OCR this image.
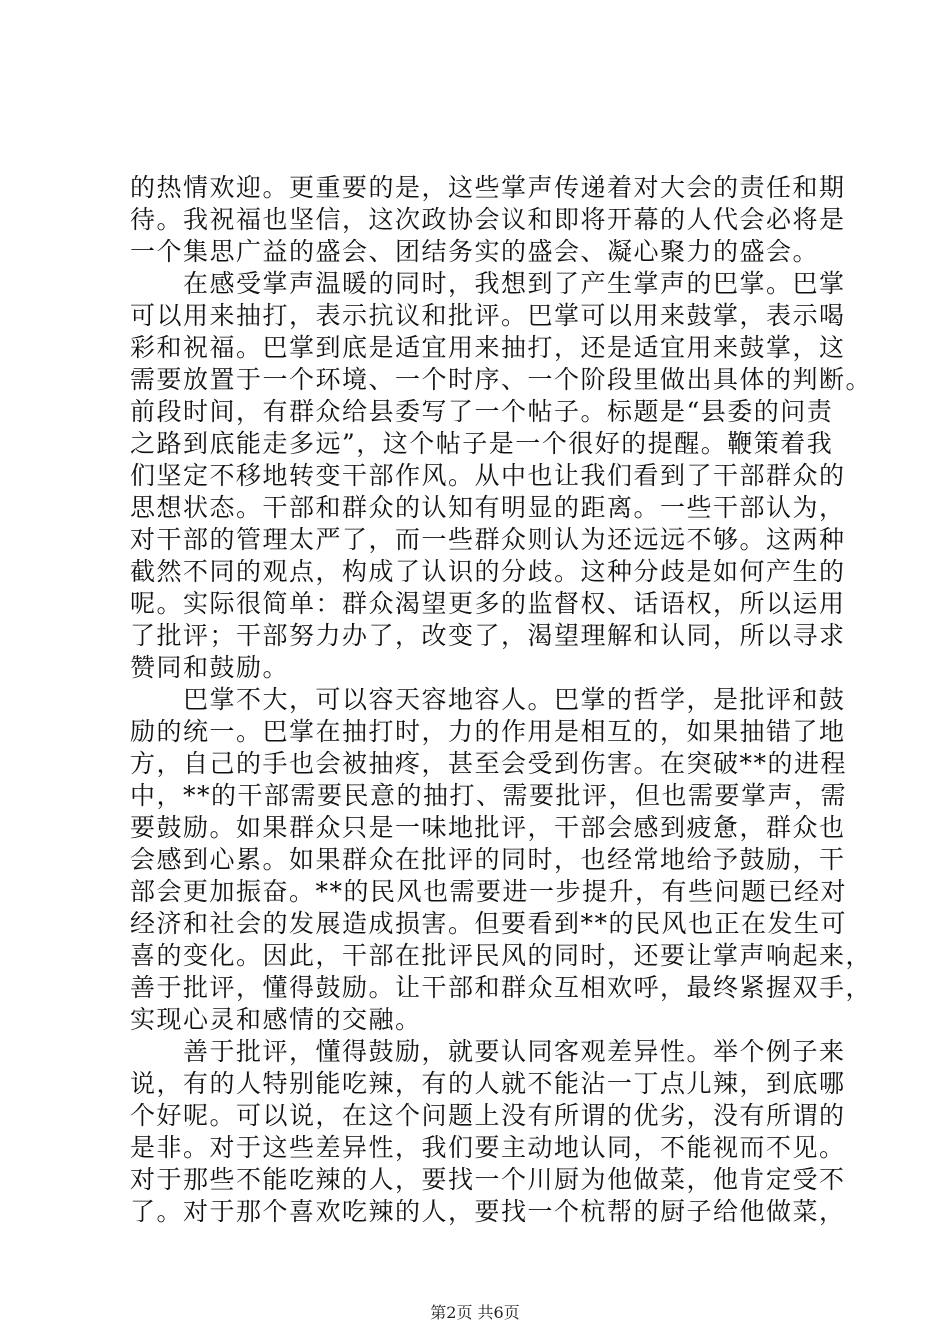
的热情欢迎。更重要的是，这些掌声传递着对大会的责任和期
待。我祝福也坚信，这次政协会议和即将开幕的人代会必将是
一个集思广益的盛会、团结务实的盛会、凝心聚力的盛会。
　　在感受掌声温暖的同时，我想到了产生掌声的巴掌。巴掌
可以用来抽打，表示抗议和批评。巴掌可以用来鼓掌，表示喝
彩和祝福。巴掌到底是适宜用来抽打，还是适宜用来鼓掌，这
需要放置于一个环境、一个时序、一个阶段里做出具体的判断。
前段时间，有群众给县委写了一个帖子。标题是“县委的问责
之路到底能走多远”，这个帖子是一个很好的提醒。鞭策着我
们坚定不移地转变干部作风。从中也让我们看到了干部群众的
思想状态。干部和群众的认知有明显的距离。一些干部认为，
对干部的管理太严了，而一些群众则认为还远远不够。这两种
截然不同的观点，构成了认识的分歧。这种分歧是如何产生的
呢。实际很简单：群众渴望更多的监督权、话语权，所以运用
了批评；干部努力办了，改变了，渴望理解和认同，所以寻求
赞同和鼓励。
　　巴掌不大，可以容天容地容人。巴掌的哲学，是批评和鼓
励的统一。巴掌在抽打时，力的作用是相互的，如果抽错了地
方，自己的手也会被抽疼，甚至会受到伤害。在突破**的进程
中，**的干部需要民意的抽打、需要批评，但也需要掌声，需
要鼓励。如果群众只是一味地批评，干部会感到疲惫，群众也
会感到心累。如果群众在批评的同时，也经常地给予鼓励，干
部会更加振奋。**的民风也需要进一步提升，有些问题已经对
经济和社会的发展造成损害。但要看到**的民风也正在发生可
喜的变化。因此，干部在批评民风的同时，还要让掌声响起来，
善于批评，懂得鼓励。让干部和群众互相欢呼，最终紧握双手，
实现心灵和感情的交融。
　　善于批评，懂得鼓励，就要认同客观差异性。举个例子来
说，有的人特别能吃辣，有的人就不能沾一丁点儿辣，到底哪
个好呢。可以说，在这个问题上没有所谓的优劣，没有所谓的
是非。对于这些差异性，我们要主动地认同，不能视而不见。
对于那些不能吃辣的人，要找一个川厨为他做菜，他肯定受不
了。对于那个喜欢吃辣的人，要找一个杭帮的厨子给他做菜，
第2页 共6页
